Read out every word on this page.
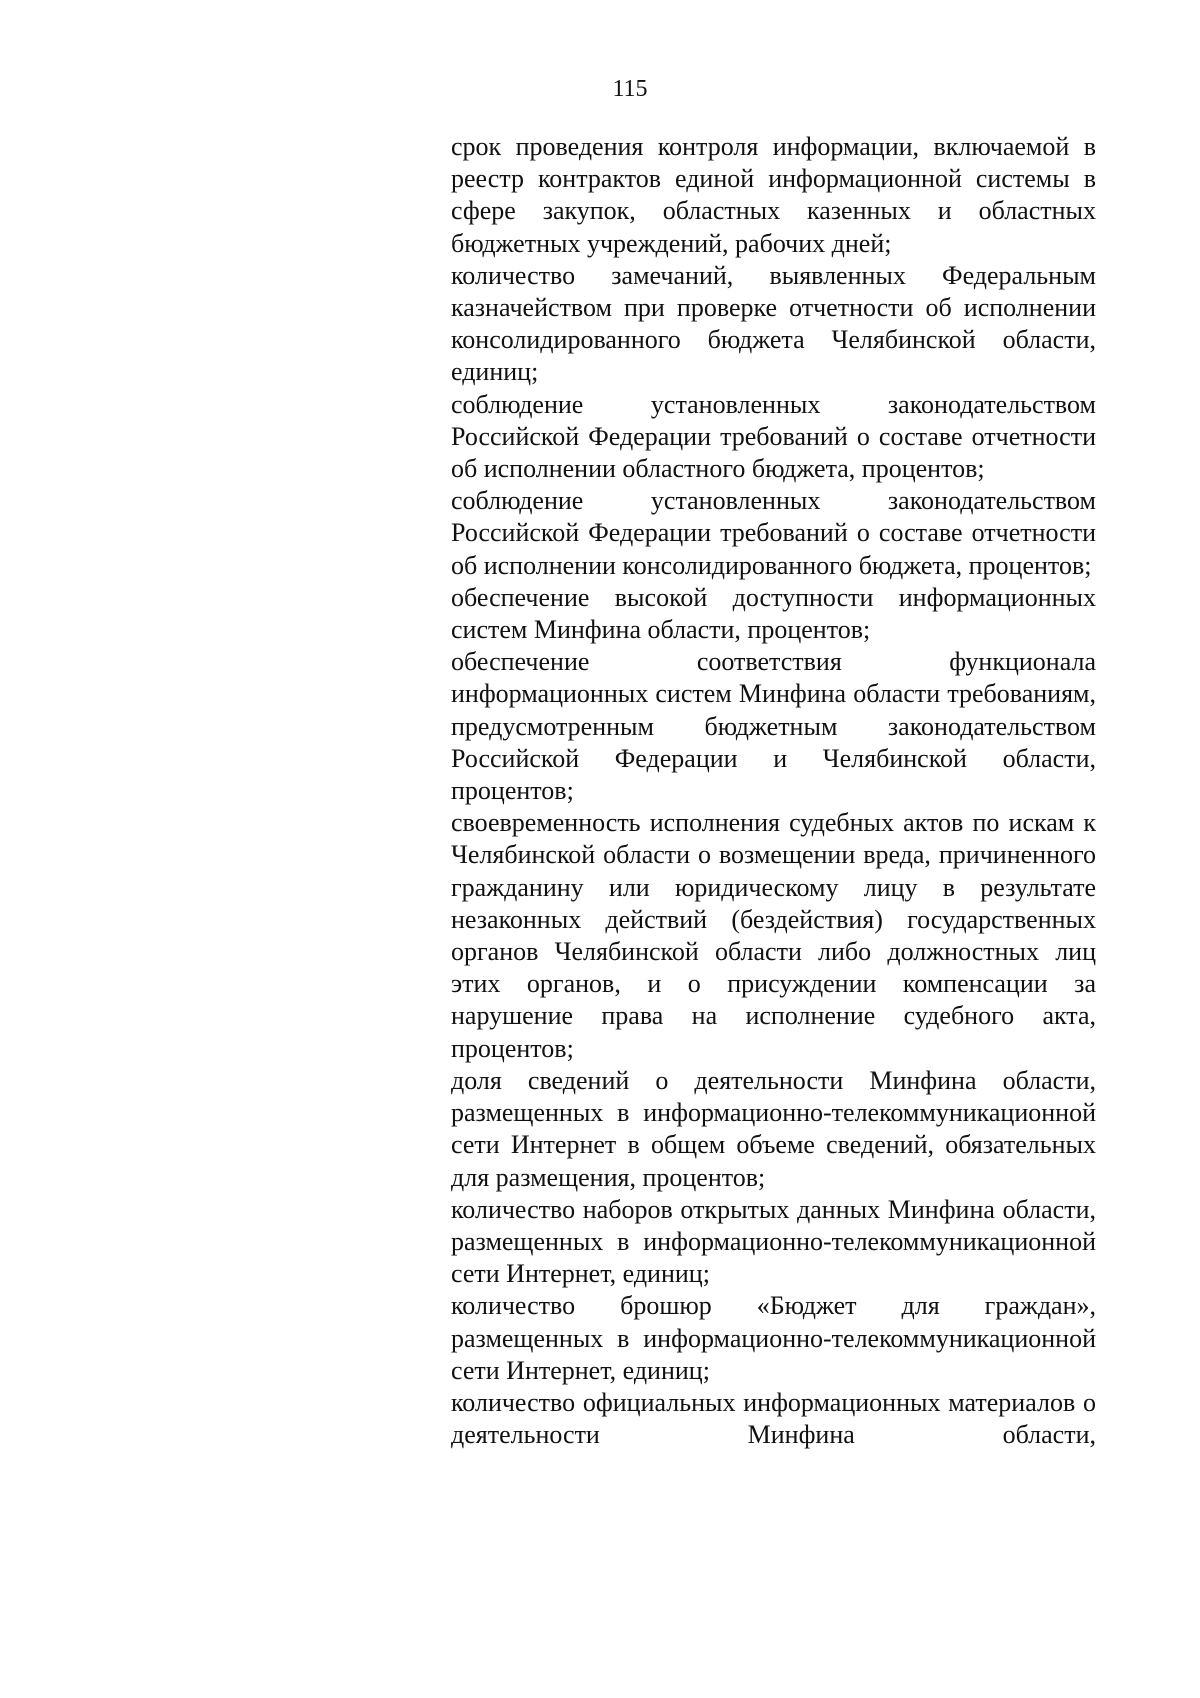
115

срок проведения контроля информации, включаемой в реестр контрактов единой информационной системы в сфере закупок, областных казенных и областных бюджетных учреждений, рабочих дней;

количество замечаний, выявленных Федеральным казначейством при проверке отчетности об исполнении консолидированного бюджета Челябинской области, единиц;

соблюдение установленных законодательством Российской Федерации требований о составе отчетности об исполнении областного бюджета, процентов;

соблюдение установленных законодательством Российской Федерации требований о составе отчетности об исполнении консолидированного бюджета, процентов;

обеспечение высокой доступности информационных систем Минфина области, процентов;

обеспечение соответствия функционала информационных систем Минфина области требованиям, предусмотренным бюджетным законодательством Российской Федерации и Челябинской области, процентов;

своевременность исполнения судебных актов по искам к Челябинской области о возмещении вреда, причиненного гражданину или юридическому лицу в результате незаконных действий (бездействия) государственных органов Челябинской области либо должностных лиц этих органов, и о присуждении компенсации за нарушение права на исполнение судебного акта, процентов;

доля сведений о деятельности Минфина области, размещенных в информационно-телекоммуникационной сети Интернет в общем объеме сведений, обязательных для размещения, процентов;

количество наборов открытых данных Минфина области, размещенных в информационно-телекоммуникационной сети Интернет, единиц;

количество брошюр «Бюджет для граждан», размещенных в информационно-телекоммуникационной сети Интернет, единиц;

количество официальных информационных материалов о деятельности Минфина области,
